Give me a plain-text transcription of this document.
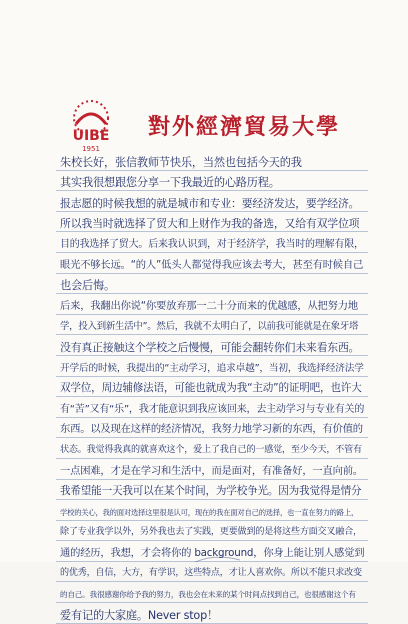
UIBE
1951
對外經濟貿易大學
朱校长好，张信教师节快乐，当然也包括今天的我
其实我很想跟您分享一下我最近的心路历程。
报志愿的时候我想的就是城市和专业：要经济发达，要学经济。
所以我当时就选择了贸大和上财作为我的备选，又给有双学位项
目的我选择了贸大。后来我认识到，对于经济学，我当时的理解有限，
眼光不够长远。“的人”低头人都觉得我应该去考大，甚至有时候自己
也会后悔。
后来，我翻出你说“你要放弃那一二十分而来的优越感，从把努力地
学，投入到新生活中”。然后，我就不太明白了，以前我可能就是在象牙塔
没有真正接触这个学校之后慢慢，可能会翻转你们未来看东西。
开学后的时候，我提出的“主动学习，追求卓越”，当初，我选择经济法学
双学位，周边辅修法语，可能也就成为我“主动”的证明吧，也许大
有“苦”又有“乐”，我才能意识到我应该回来，去主动学习与专业有关的
东西。以及现在这样的经济情况，我努力地学习新的东西，有价值的
状态。我觉得我真的就喜欢这个，爱上了我自己的一感觉，至少今天，不管有
一点困难，才是在学习和生活中，而是面对，有准备好，一直向前。
我希望能一天我可以在某个时间，为学校争光。因为我觉得是情分
学校的关心，我的面对选择这里很是认可，现在的我在面对自己的选择，也一直在努力的路上，
除了专业我学以外，另外我也去了实践，更要做到的是将这些方面交叉融合，
通的经历，我想，才会将你的 background，你身上能让别人感觉到
的优秀，自信，大方，有学识，这些特点，才让人喜欢你。所以不能只求改变
的自己。我很感谢你给予我的努力，我也会在未来的某个时间点找到自己，也很感谢这个有
爱有记的大家庭。Never stop！
